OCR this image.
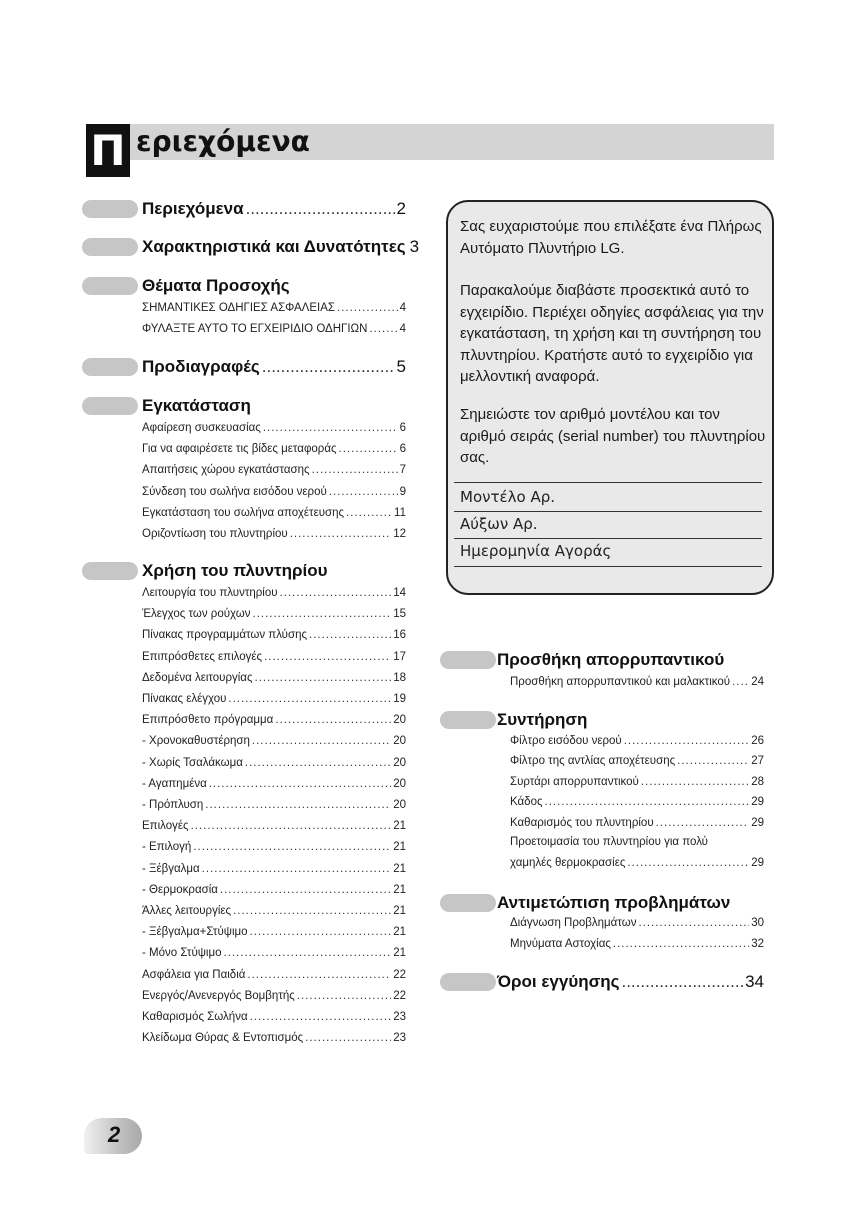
Π εριεχόμενα
Περιεχόμενα .....	2
Χαρακτηριστικά και Δυνατότητες 3
Θέματα Προσοχής
ΣΗΜΑΝΤΙΚΕΣ ΟΔΗΓΙΕΣ ΑΣΦΑΛΕΙΑΣ .....	4
ΦΥΛΑΞΤΕ ΑΥΤΟ ΤΟ ΕΓΧΕΙΡΙΔΙΟ ΟΔΗΓΙΩΝ .....	4
Προδιαγραφές .....	5
Εγκατάσταση
Αφαίρεση συσκευασίας .....	6
Για να αφαιρέσετε τις βίδες μεταφοράς .....	6
Απαιτήσεις χώρου εγκατάστασης .....	7
Σύνδεση του σωλήνα εισόδου νερού .....	9
Εγκατάσταση του σωλήνα αποχέτευσης .....	11
Οριζοντίωση του πλυντηρίου .....	12
Χρήση του πλυντηρίου
Λειτουργία του πλυντηρίου .....	14
Έλεγχος των ρούχων .....	15
Πίνακας προγραμμάτων πλύσης .....	16
Επιπρόσθετες επιλογές .....	17
Δεδομένα λειτουργίας .....	18
Πίνακας ελέγχου .....	19
Επιπρόσθετο πρόγραμμα .....	20
- Χρονοκαθυστέρηση .....	20
- Χωρίς Τσαλάκωμα .....	20
- Αγαπημένα .....	20
- Πρόπλυση .....	20
Επιλογές .....	21
- Επιλογή .....	21
- Ξέβγαλμα .....	21
- Θερμοκρασία .....	21
Άλλες λειτουργίες .....	21
- Ξέβγαλμα+Στύψιμο .....	21
- Μόνο Στύψιμο .....	21
Ασφάλεια για Παιδιά .....	22
Ενεργός/Ανενεργός Βομβητής .....	22
Καθαρισμός Σωλήνα .....	23
Κλείδωμα Θύρας & Εντοπισμός .....	23
Σας ευχαριστούμε που επιλέξατε ένα Πλήρως Αυτόματο Πλυντήριο LG.
Παρακαλούμε διαβάστε προσεκτικά αυτό το εγχειρίδιο. Περιέχει οδηγίες ασφάλειας για την εγκατάσταση, τη χρήση και τη συντήρηση του πλυντηρίου. Κρατήστε αυτό το εγχειρίδιο για μελλοντική αναφορά.
Σημειώστε τον αριθμό μοντέλου και τον αριθμό σειράς (serial number) του πλυντηρίου σας.
Μοντέλο Αρ.
Αύξων Αρ.
Ημερομηνία Αγοράς
Προσθήκη απορρυπαντικού
Προσθήκη απορρυπαντικού και μαλακτικού ..... 24
Συντήρηση
Φίλτρο εισόδου νερού .....	26
Φίλτρο της αντλίας αποχέτευσης .....	27
Συρτάρι απορρυπαντικού .....	28
Κάδος .....	29
Καθαρισμός του πλυντηρίου .....	29
Προετοιμασία του πλυντηρίου για πολύ
χαμηλές θερμοκρασίες .....	29
Αντιμετώπιση προβλημάτων
Διάγνωση Προβλημάτων .....	30
Μηνύματα Αστοχίας .....	32
Όροι εγγύησης .....	34
2
